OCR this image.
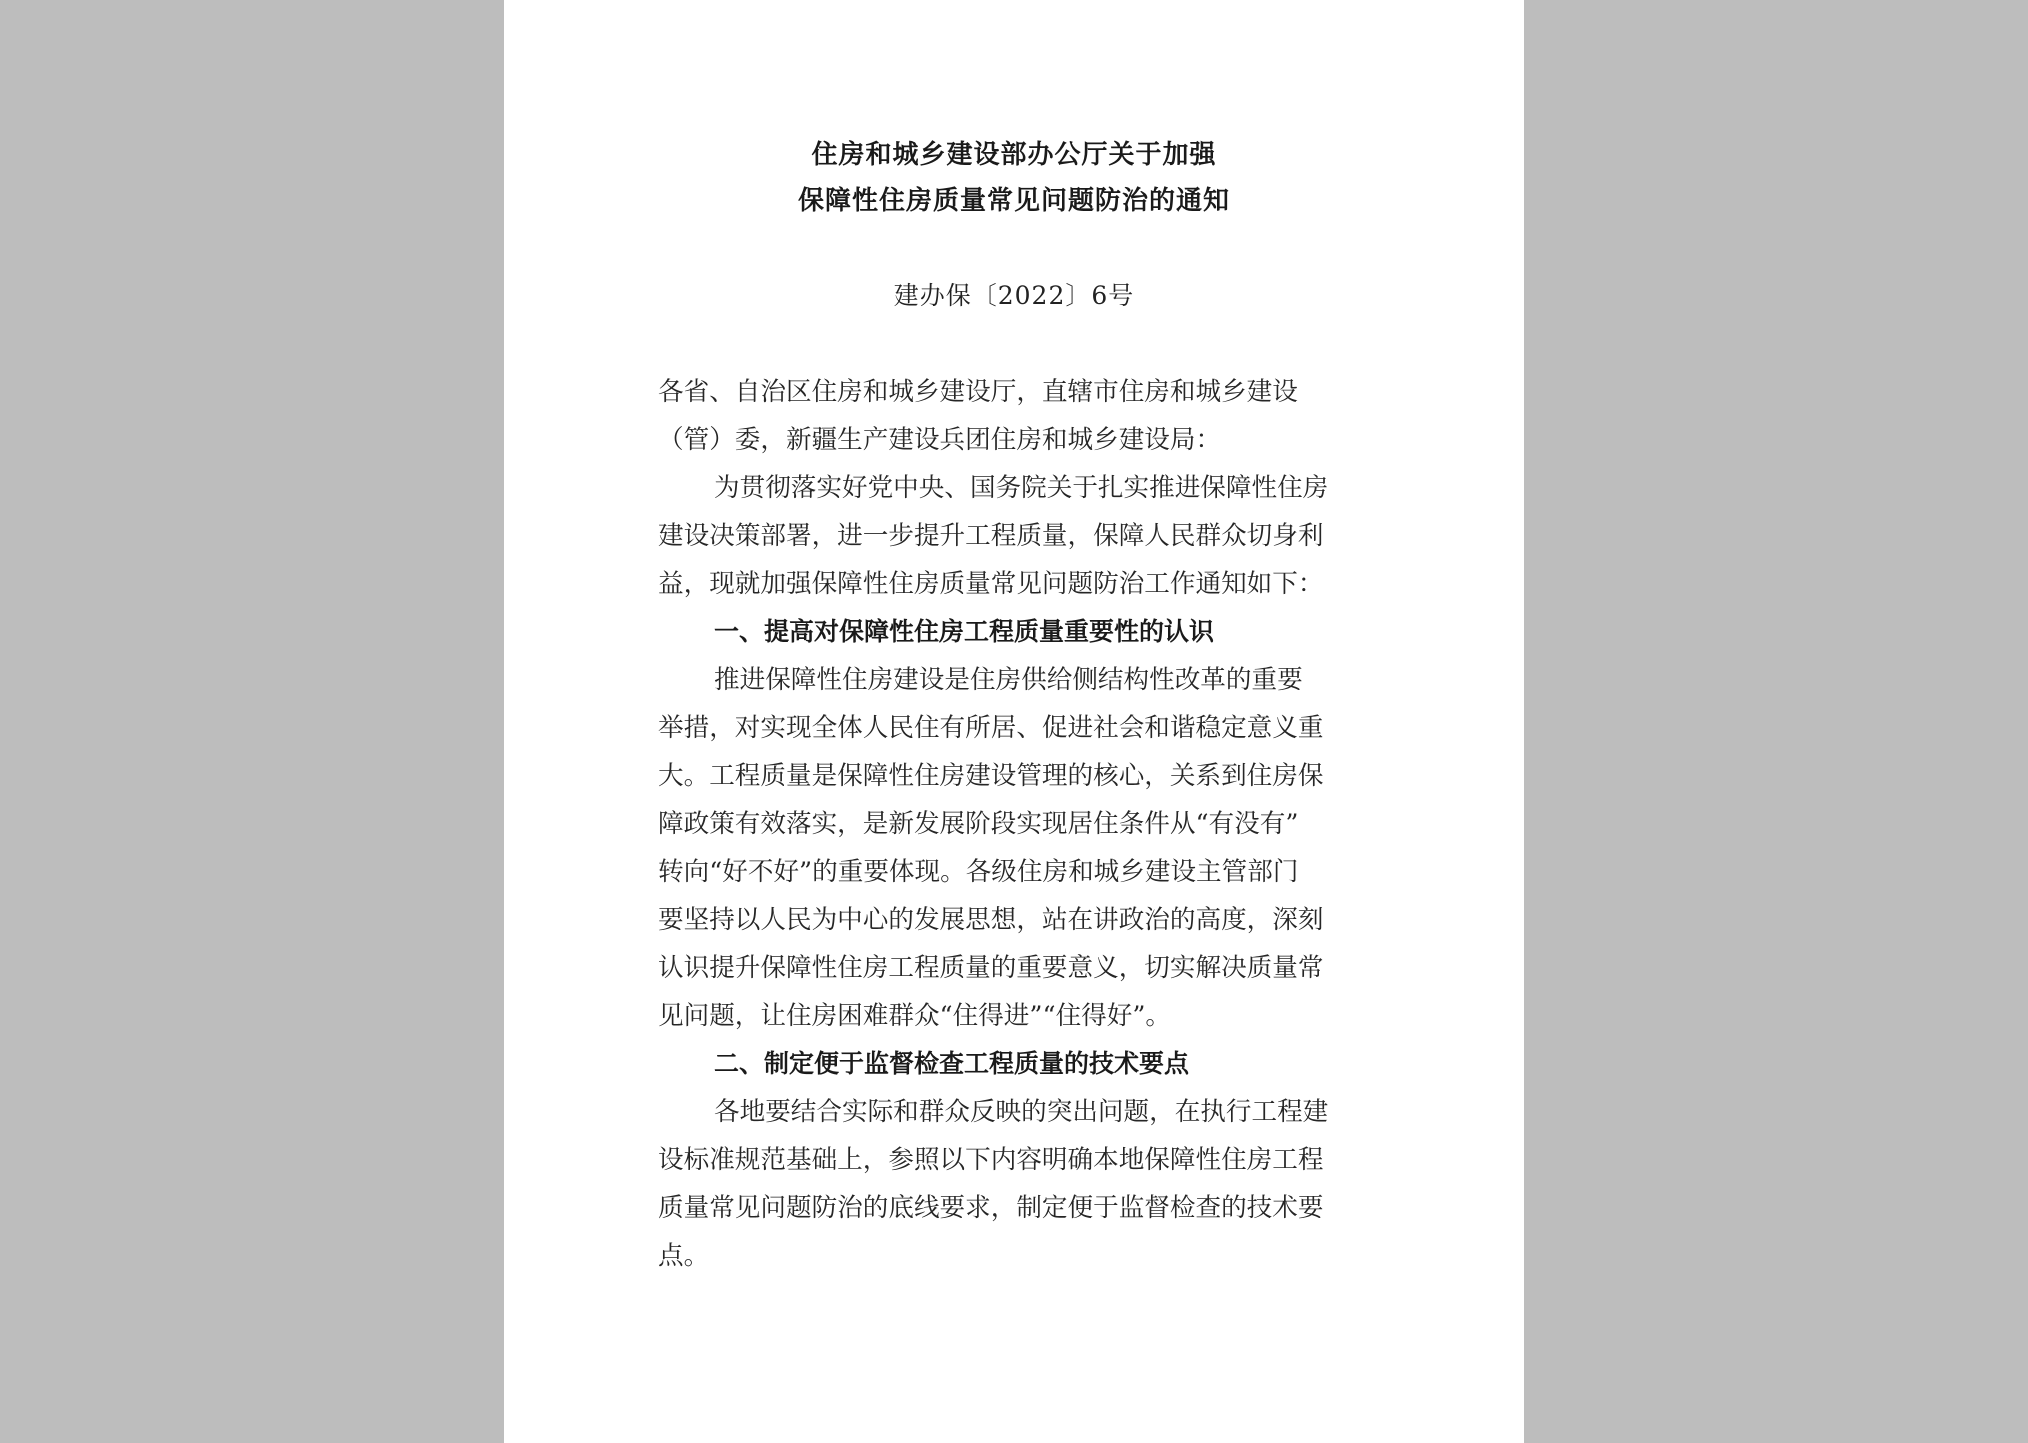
住房和城乡建设部办公厅关于加强
保障性住房质量常见问题防治的通知
建办保〔2022〕6号
各省、自治区住房和城乡建设厅，直辖市住房和城乡建设
（管）委，新疆生产建设兵团住房和城乡建设局：
为贯彻落实好党中央、国务院关于扎实推进保障性住房
建设决策部署，进一步提升工程质量，保障人民群众切身利
益，现就加强保障性住房质量常见问题防治工作通知如下：
一、提高对保障性住房工程质量重要性的认识
推进保障性住房建设是住房供给侧结构性改革的重要
举措，对实现全体人民住有所居、促进社会和谐稳定意义重
大。工程质量是保障性住房建设管理的核心，关系到住房保
障政策有效落实，是新发展阶段实现居住条件从“有没有”
转向“好不好”的重要体现。各级住房和城乡建设主管部门
要坚持以人民为中心的发展思想，站在讲政治的高度，深刻
认识提升保障性住房工程质量的重要意义，切实解决质量常
见问题，让住房困难群众“住得进”“住得好”。
二、制定便于监督检查工程质量的技术要点
各地要结合实际和群众反映的突出问题，在执行工程建
设标准规范基础上，参照以下内容明确本地保障性住房工程
质量常见问题防治的底线要求，制定便于监督检查的技术要
点。
